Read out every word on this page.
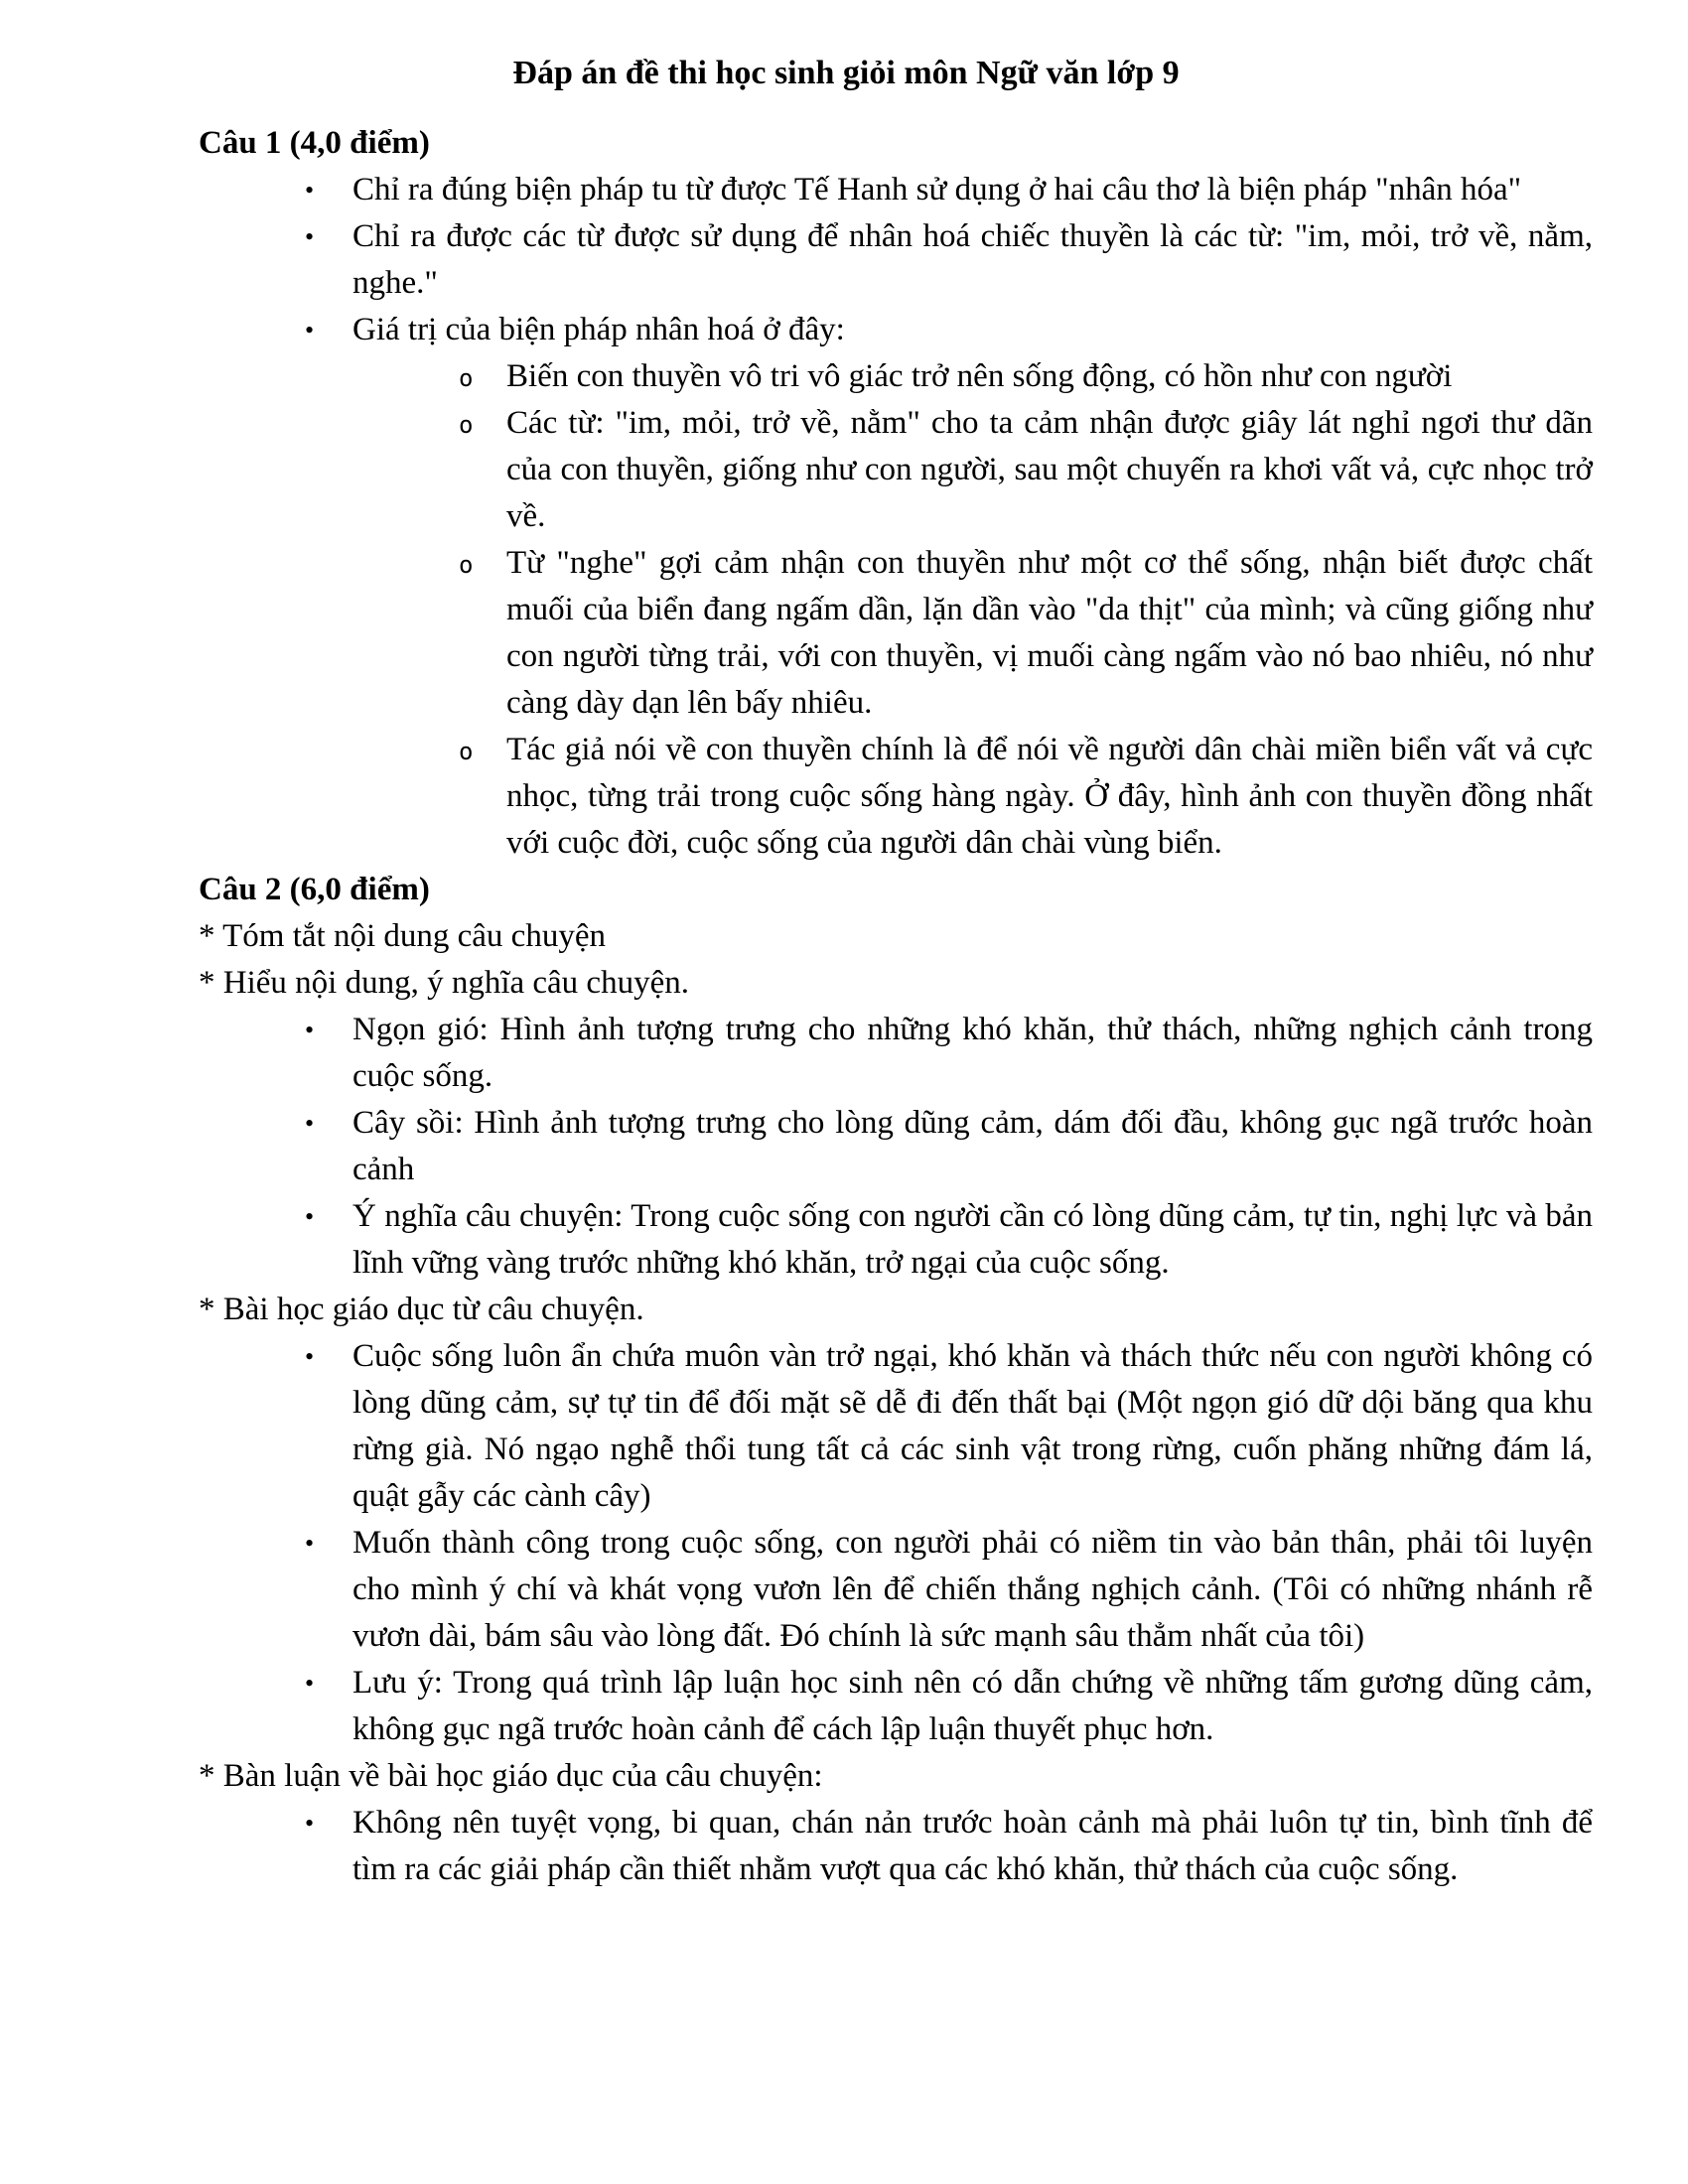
Đáp án đề thi học sinh giỏi môn Ngữ văn lớp 9
Câu 1 (4,0 điểm)
• Chỉ ra đúng biện pháp tu từ được Tế Hanh sử dụng ở hai câu thơ là biện pháp "nhân hóa"
• Chỉ ra được các từ được sử dụng để nhân hoá chiếc thuyền là các từ: "im, mỏi, trở về, nằm, nghe."
• Giá trị của biện pháp nhân hoá ở đây:
o Biến con thuyền vô tri vô giác trở nên sống động, có hồn như con người
o Các từ: "im, mỏi, trở về, nằm" cho ta cảm nhận được giây lát nghỉ ngơi thư dãn của con thuyền, giống như con người, sau một chuyến ra khơi vất vả, cực nhọc trở về.
o Từ "nghe" gợi cảm nhận con thuyền như một cơ thể sống, nhận biết được chất muối của biển đang ngấm dần, lặn dần vào "da thịt" của mình; và cũng giống như con người từng trải, với con thuyền, vị muối càng ngấm vào nó bao nhiêu, nó như càng dày dạn lên bấy nhiêu.
o Tác giả nói về con thuyền chính là để nói về người dân chài miền biển vất vả cực nhọc, từng trải trong cuộc sống hàng ngày. Ở đây, hình ảnh con thuyền đồng nhất với cuộc đời, cuộc sống của người dân chài vùng biển.
Câu 2 (6,0 điểm)
* Tóm tắt nội dung câu chuyện
* Hiểu nội dung, ý nghĩa câu chuyện.
• Ngọn gió: Hình ảnh tượng trưng cho những khó khăn, thử thách, những nghịch cảnh trong cuộc sống.
• Cây sồi: Hình ảnh tượng trưng cho lòng dũng cảm, dám đối đầu, không gục ngã trước hoàn cảnh
• Ý nghĩa câu chuyện: Trong cuộc sống con người cần có lòng dũng cảm, tự tin, nghị lực và bản lĩnh vững vàng trước những khó khăn, trở ngại của cuộc sống.
* Bài học giáo dục từ câu chuyện.
• Cuộc sống luôn ẩn chứa muôn vàn trở ngại, khó khăn và thách thức nếu con người không có lòng dũng cảm, sự tự tin để đối mặt sẽ dễ đi đến thất bại (Một ngọn gió dữ dội băng qua khu rừng già. Nó ngạo nghễ thổi tung tất cả các sinh vật trong rừng, cuốn phăng những đám lá, quật gẫy các cành cây)
• Muốn thành công trong cuộc sống, con người phải có niềm tin vào bản thân, phải tôi luyện cho mình ý chí và khát vọng vươn lên để chiến thắng nghịch cảnh. (Tôi có những nhánh rễ vươn dài, bám sâu vào lòng đất. Đó chính là sức mạnh sâu thẳm nhất của tôi)
• Lưu ý: Trong quá trình lập luận học sinh nên có dẫn chứng về những tấm gương dũng cảm, không gục ngã trước hoàn cảnh để cách lập luận thuyết phục hơn.
* Bàn luận về bài học giáo dục của câu chuyện:
• Không nên tuyệt vọng, bi quan, chán nản trước hoàn cảnh mà phải luôn tự tin, bình tĩnh để tìm ra các giải pháp cần thiết nhằm vượt qua các khó khăn, thử thách của cuộc sống.
